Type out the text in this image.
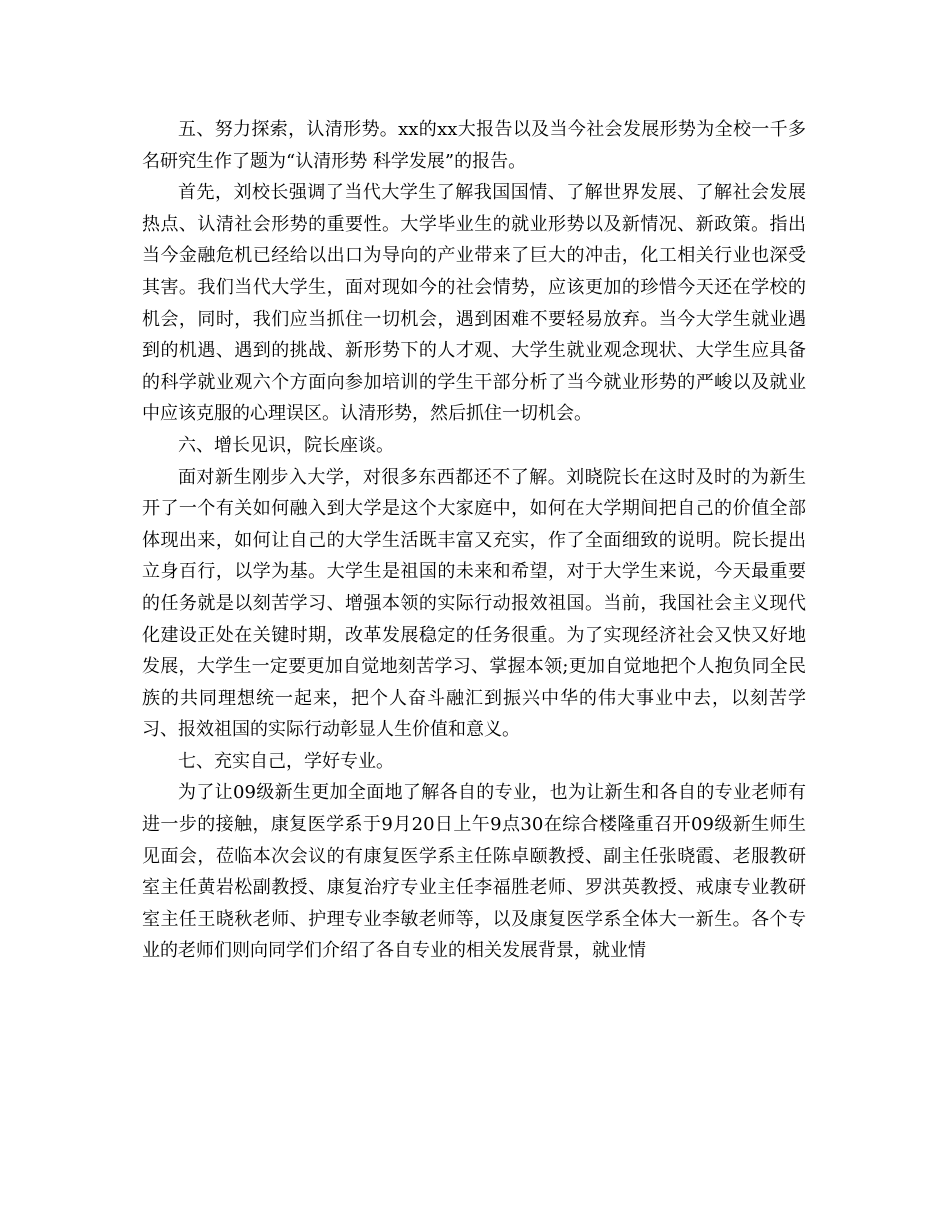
五、努力探索，认清形势。xx的xx大报告以及当今社会发展形势为全校一千多名研究生作了题为“认清形势 科学发展”的报告。

首先，刘校长强调了当代大学生了解我国国情、了解世界发展、了解社会发展热点、认清社会形势的重要性。大学毕业生的就业形势以及新情况、新政策。指出当今金融危机已经给以出口为导向的产业带来了巨大的冲击，化工相关行业也深受其害。我们当代大学生，面对现如今的社会情势，应该更加的珍惜今天还在学校的机会，同时，我们应当抓住一切机会，遇到困难不要轻易放弃。当今大学生就业遇到的机遇、遇到的挑战、新形势下的人才观、大学生就业观念现状、大学生应具备的科学就业观六个方面向参加培训的学生干部分析了当今就业形势的严峻以及就业中应该克服的心理误区。认清形势，然后抓住一切机会。

六、增长见识，院长座谈。

面对新生刚步入大学，对很多东西都还不了解。刘晓院长在这时及时的为新生开了一个有关如何融入到大学是这个大家庭中，如何在大学期间把自己的价值全部体现出来，如何让自己的大学生活既丰富又充实，作了全面细致的说明。院长提出立身百行，以学为基。大学生是祖国的未来和希望，对于大学生来说，今天最重要的任务就是以刻苦学习、增强本领的实际行动报效祖国。当前，我国社会主义现代化建设正处在关键时期，改革发展稳定的任务很重。为了实现经济社会又快又好地发展，大学生一定要更加自觉地刻苦学习、掌握本领;更加自觉地把个人抱负同全民族的共同理想统一起来，把个人奋斗融汇到振兴中华的伟大事业中去，以刻苦学习、报效祖国的实际行动彰显人生价值和意义。

七、充实自己，学好专业。

为了让09级新生更加全面地了解各自的专业，也为让新生和各自的专业老师有进一步的接触，康复医学系于9月20日上午9点30在综合楼隆重召开09级新生师生见面会，莅临本次会议的有康复医学系主任陈卓颐教授、副主任张晓霞、老服教研室主任黄岩松副教授、康复治疗专业主任李福胜老师、罗洪英教授、戒康专业教研室主任王晓秋老师、护理专业李敏老师等，以及康复医学系全体大一新生。各个专业的老师们则向同学们介绍了各自专业的相关发展背景，就业情
